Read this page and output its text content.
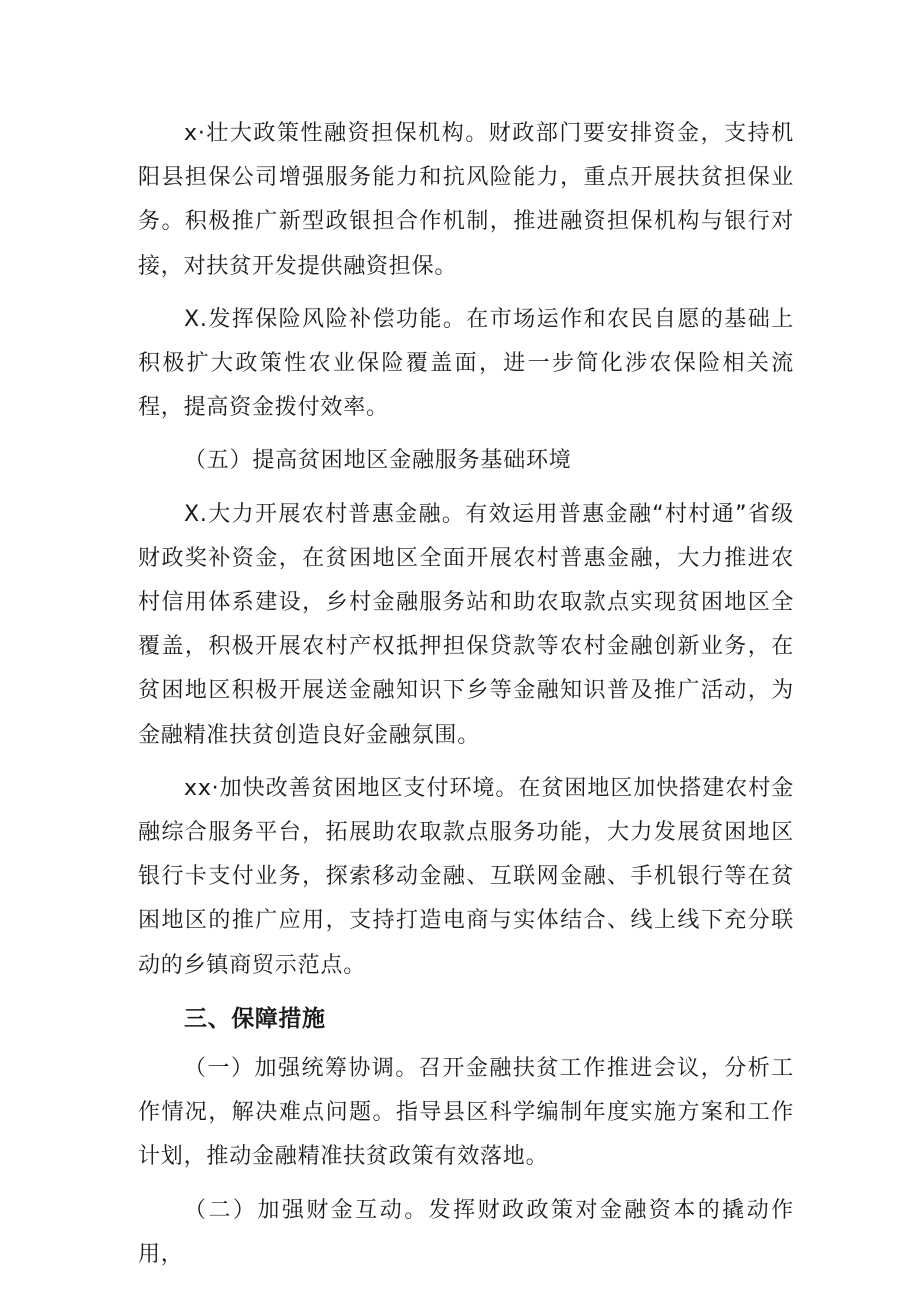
x·壮大政策性融资担保机构。财政部门要安排资金，支持机阳县担保公司增强服务能力和抗风险能力，重点开展扶贫担保业务。积极推广新型政银担合作机制，推进融资担保机构与银行对接，对扶贫开发提供融资担保。

X.发挥保险风险补偿功能。在市场运作和农民自愿的基础上积极扩大政策性农业保险覆盖面，进一步简化涉农保险相关流程，提高资金拨付效率。

（五）提高贫困地区金融服务基础环境

X.大力开展农村普惠金融。有效运用普惠金融“村村通”省级财政奖补资金，在贫困地区全面开展农村普惠金融，大力推进农村信用体系建设，乡村金融服务站和助农取款点实现贫困地区全覆盖，积极开展农村产权抵押担保贷款等农村金融创新业务，在贫困地区积极开展送金融知识下乡等金融知识普及推广活动，为金融精准扶贫创造良好金融氛围。

xx·加快改善贫困地区支付环境。在贫困地区加快搭建农村金融综合服务平台，拓展助农取款点服务功能，大力发展贫困地区银行卡支付业务，探索移动金融、互联网金融、手机银行等在贫困地区的推广应用，支持打造电商与实体结合、线上线下充分联动的乡镇商贸示范点。

三、保障措施

（一）加强统筹协调。召开金融扶贫工作推进会议，分析工作情况，解决难点问题。指导县区科学编制年度实施方案和工作计划，推动金融精准扶贫政策有效落地。

（二）加强财金互动。发挥财政政策对金融资本的撬动作用，
